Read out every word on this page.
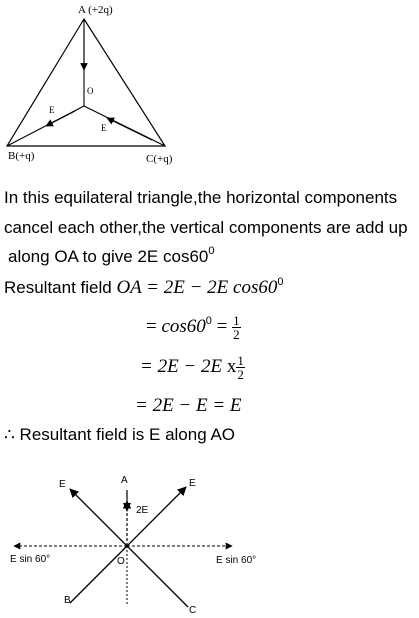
A (+2q)
O
E
E
B(+q)	C(+q)
In this equilateral triangle,the horizontal components
cancel each other,the vertical components are add up
along OA to give 2E $\cos 60^0$
Resultant field OA = 2E − 2E $\cos 60^0$
= $\cos 60^0 = \frac{1}{2}$
= 2E − 2E x $\frac{1}{2}$
= 2E − E = E
∴ Resultant field is E along AO
A
E	E
2E
E sin 60°	E sin 60°
O
B
C
